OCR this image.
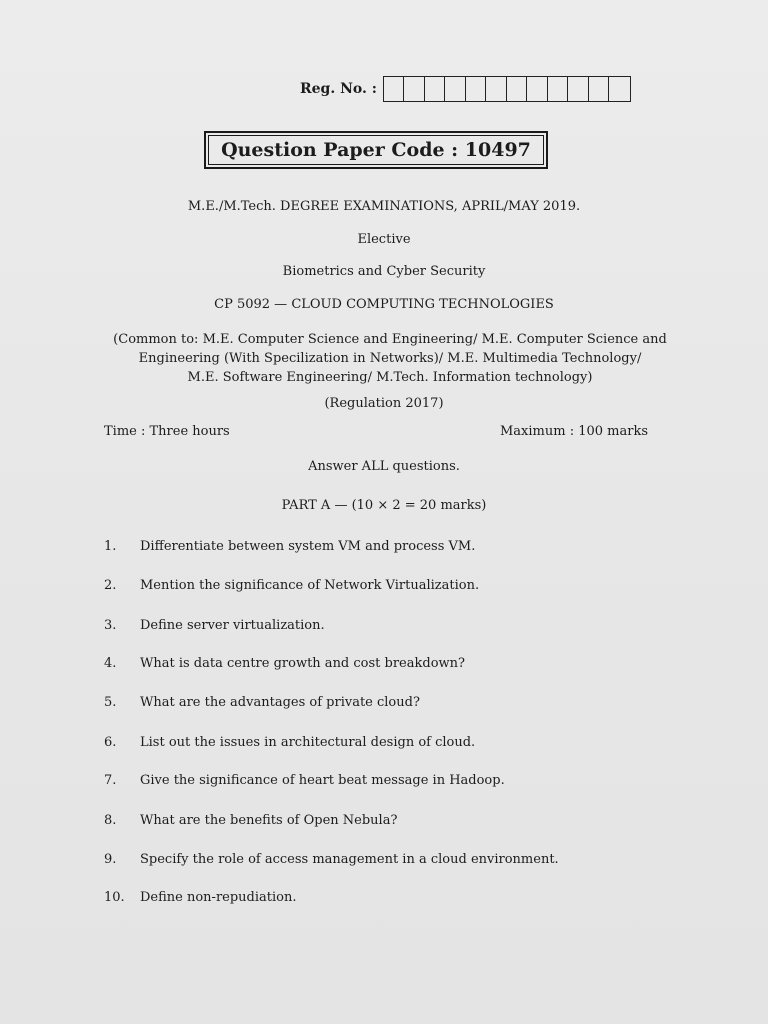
Reg. No. :
Question Paper Code : 10497
M.E./M.Tech. DEGREE EXAMINATIONS, APRIL/MAY 2019.
Elective
Biometrics and Cyber Security
CP 5092 — CLOUD COMPUTING TECHNOLOGIES
(Common to: M.E. Computer Science and Engineering/ M.E. Computer Science and
Engineering (With Specilization in Networks)/ M.E. Multimedia Technology/
M.E. Software Engineering/ M.Tech. Information technology)
(Regulation 2017)
Time : Three hours	Maximum : 100 marks
Answer ALL questions.
PART A — (10 × 2 = 20 marks)
1.	Differentiate between system VM and process VM.
2.	Mention the significance of Network Virtualization.
3.	Define server virtualization.
4.	What is data centre growth and cost breakdown?
5.	What are the advantages of private cloud?
6.	List out the issues in architectural design of cloud.
7.	Give the significance of heart beat message in Hadoop.
8.	What are the benefits of Open Nebula?
9.	Specify the role of access management in a cloud environment.
10.	Define non-repudiation.
